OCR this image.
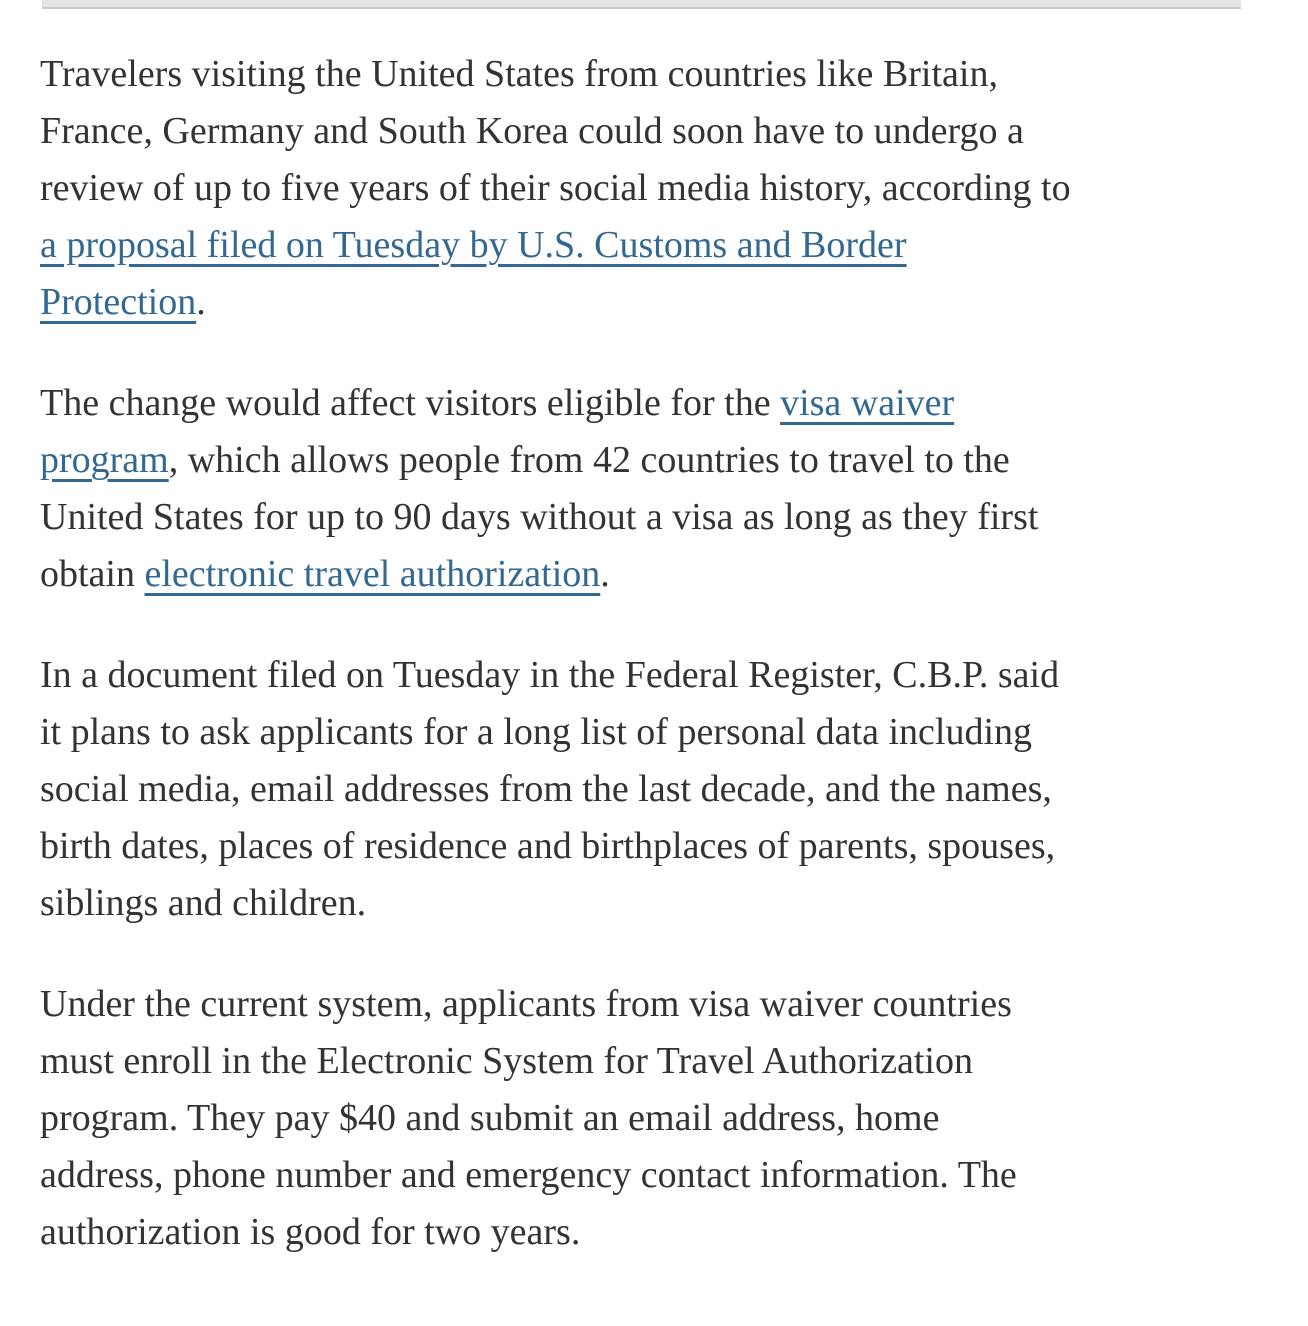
Travelers visiting the United States from countries like Britain,
France, Germany and South Korea could soon have to undergo a
review of up to five years of their social media history, according to
a proposal filed on Tuesday by U.S. Customs and Border
Protection.

The change would affect visitors eligible for the visa waiver
program, which allows people from 42 countries to travel to the
United States for up to 90 days without a visa as long as they first
obtain electronic travel authorization.

In a document filed on Tuesday in the Federal Register, C.B.P. said
it plans to ask applicants for a long list of personal data including
social media, email addresses from the last decade, and the names,
birth dates, places of residence and birthplaces of parents, spouses,
siblings and children.

Under the current system, applicants from visa waiver countries
must enroll in the Electronic System for Travel Authorization
program. They pay $40 and submit an email address, home
address, phone number and emergency contact information. The
authorization is good for two years.
